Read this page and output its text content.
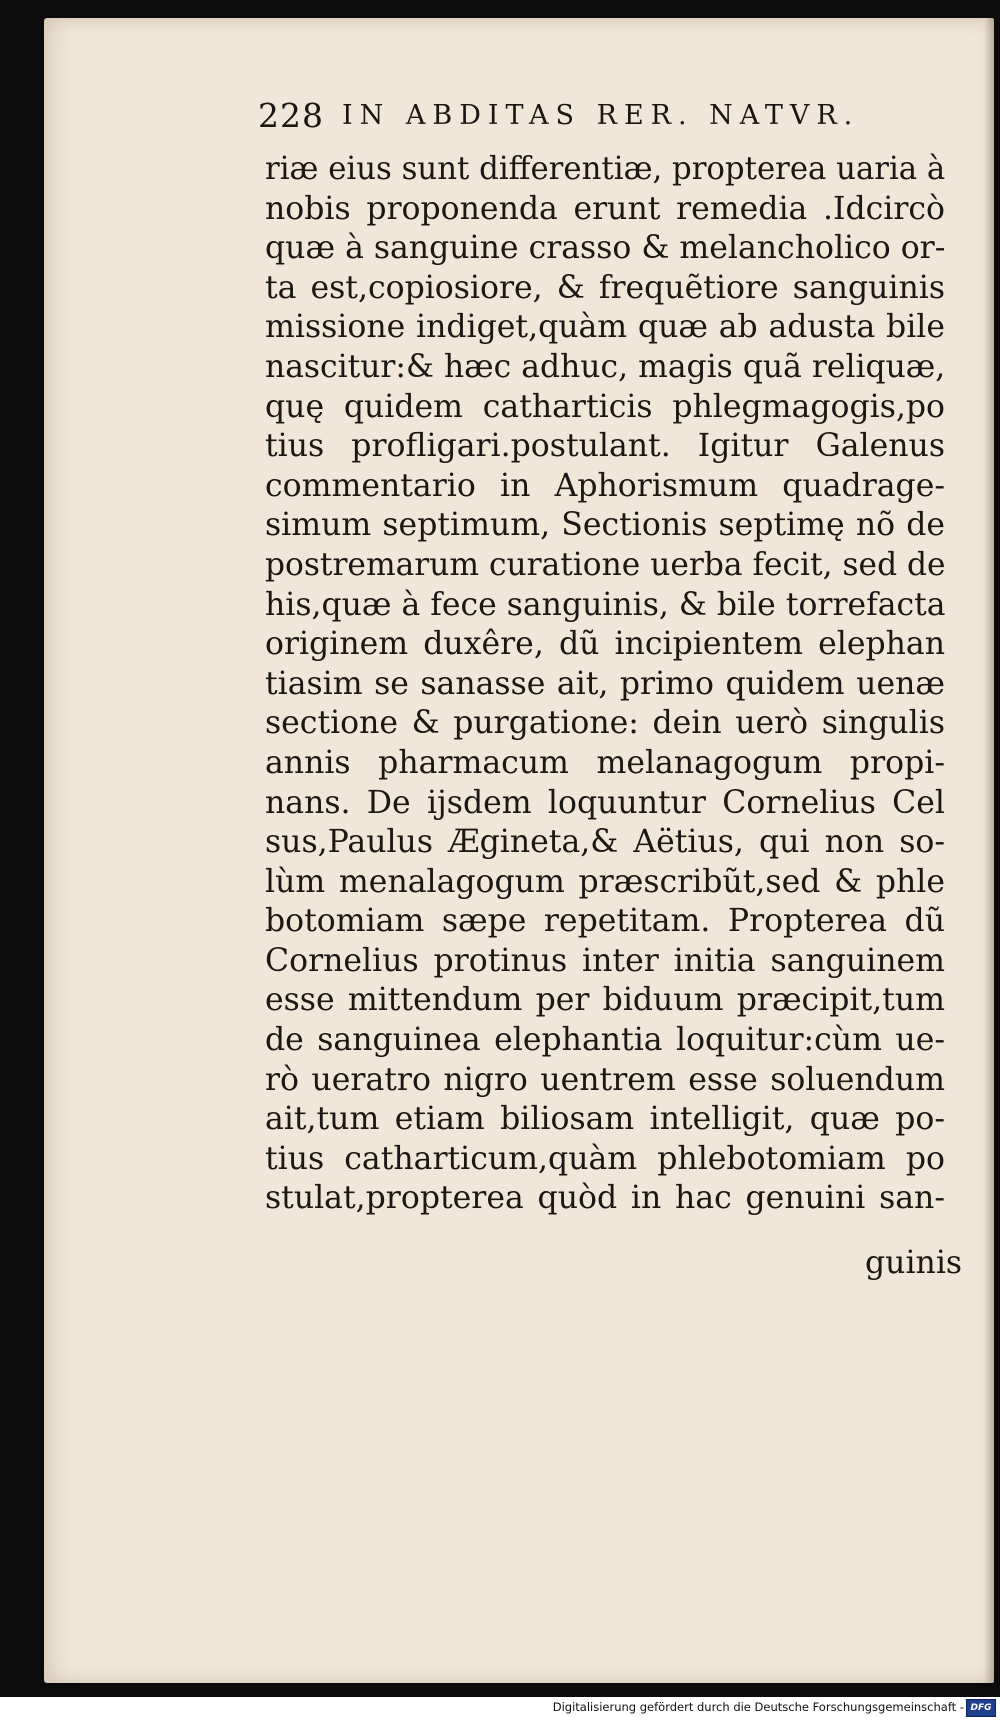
228 IN ABDITAS RER. NATVR.
riæ eius sunt differentiæ, propterea uaria à
nobis proponenda erunt remedia .Idcircò
quæ à sanguine crasso & melancholico or-
ta est,copiosiore, & frequẽtiore sanguinis
missione indiget,quàm quæ ab adusta bile
nascitur:& hæc adhuc, magis quã reliquæ,
quę quidem catharticis phlegmagogis,po
tius profligari.postulant. Igitur Galenus
commentario in Aphorismum quadrage-
simum septimum, Sectionis septimę nõ de
postremarum curatione uerba fecit, sed de
his,quæ à fece sanguinis, & bile torrefacta
originem duxêre, dũ incipientem elephan
tiasim se sanasse ait, primo quidem uenæ
sectione & purgatione: dein uerò singulis
annis pharmacum melanagogum propi-
nans. De ijsdem loquuntur Cornelius Cel
sus,Paulus Ægineta,& Aëtius, qui non so-
lùm menalagogum præscribũt,sed & phle
botomiam sæpe repetitam. Propterea dũ
Cornelius protinus inter initia sanguinem
esse mittendum per biduum præcipit,tum
de sanguinea elephantia loquitur:cùm ue-
rò ueratro nigro uentrem esse soluendum
ait,tum etiam biliosam intelligit, quæ po-
tius catharticum,quàm phlebotomiam po
stulat,propterea quòd in hac genuini san-
guinis
Digitalisierung gefördert durch die Deutsche Forschungsgemeinschaft - DFG
